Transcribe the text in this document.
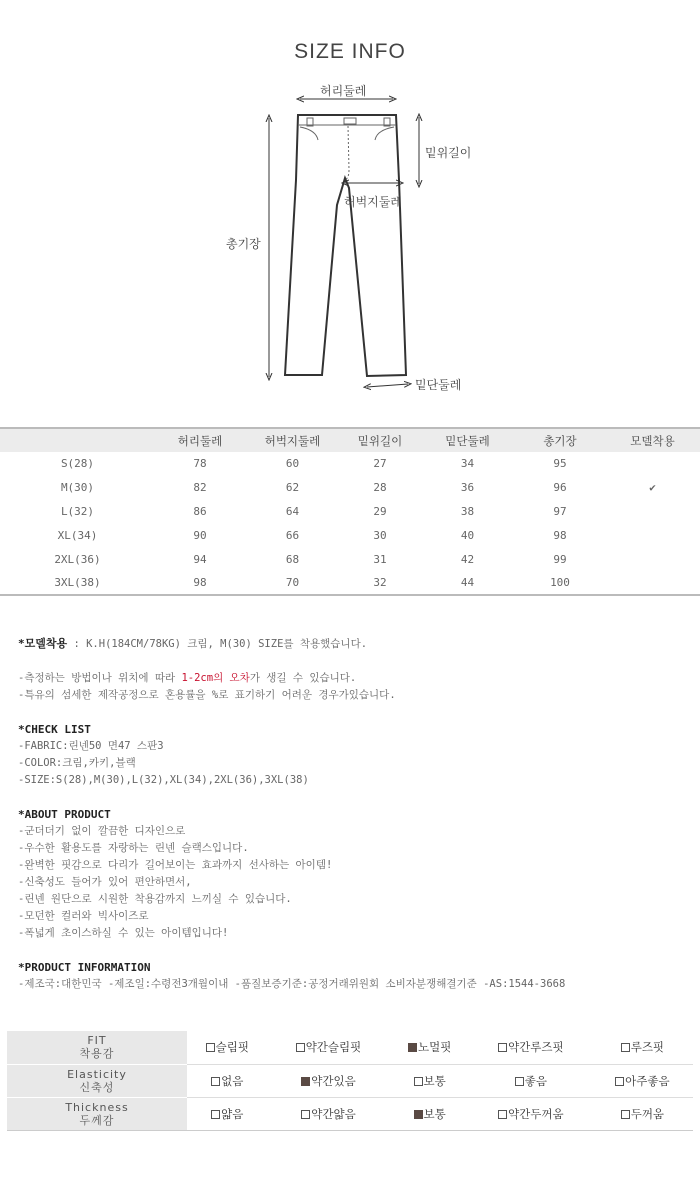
SIZE INFO
허리둘레
밑위길이
허벅지둘레
총기장
밑단둘레
	허리둘레	허벅지둘레	밑위길이	밑단둘레	총기장	모델착용
S(28)	78	60	27	34	95	
M(30)	82	62	28	36	96	✔
L(32)	86	64	29	38	97	
XL(34)	90	66	30	40	98	
2XL(36)	94	68	31	42	99	
3XL(38)	98	70	32	44	100	
*모델착용 : K.H(184CM/78KG) 크림, M(30) SIZE를 착용했습니다.
-측정하는 방법이나 위치에 따라 1-2cm의 오차가 생길 수 있습니다.
-특유의 섬세한 제작공정으로 혼용률을 %로 표기하기 어려운 경우가있습니다.
*CHECK LIST
-FABRIC:린넨50 면47 스판3
-COLOR:크림,카키,블랙
-SIZE:S(28),M(30),L(32),XL(34),2XL(36),3XL(38)
*ABOUT PRODUCT
-군더더기 없이 깔끔한 디자인으로
-우수한 활용도를 자랑하는 린넨 슬랙스입니다.
-완벽한 핏감으로 다리가 길어보이는 효과까지 선사하는 아이템!
-신축성도 들어가 있어 편안하면서,
-린넨 원단으로 시원한 착용감까지 느끼실 수 있습니다.
-모던한 컬러와 빅사이즈로
-폭넓게 초이스하실 수 있는 아이템입니다!
*PRODUCT INFORMATION
-제조국:대한민국 -제조일:수령전3개월이내 -품질보증기준:공정거래위원회 소비자분쟁해결기준 -AS:1544-3668
FIT
착용감	슬림핏	약간슬림핏	노멀핏	약간루즈핏	루즈핏

Elasticity
신축성	없음	약간있음	보통	좋음	아주좋음

Thickness
두께감	얇음	약간얇음	보통	약간두꺼움	두꺼움
